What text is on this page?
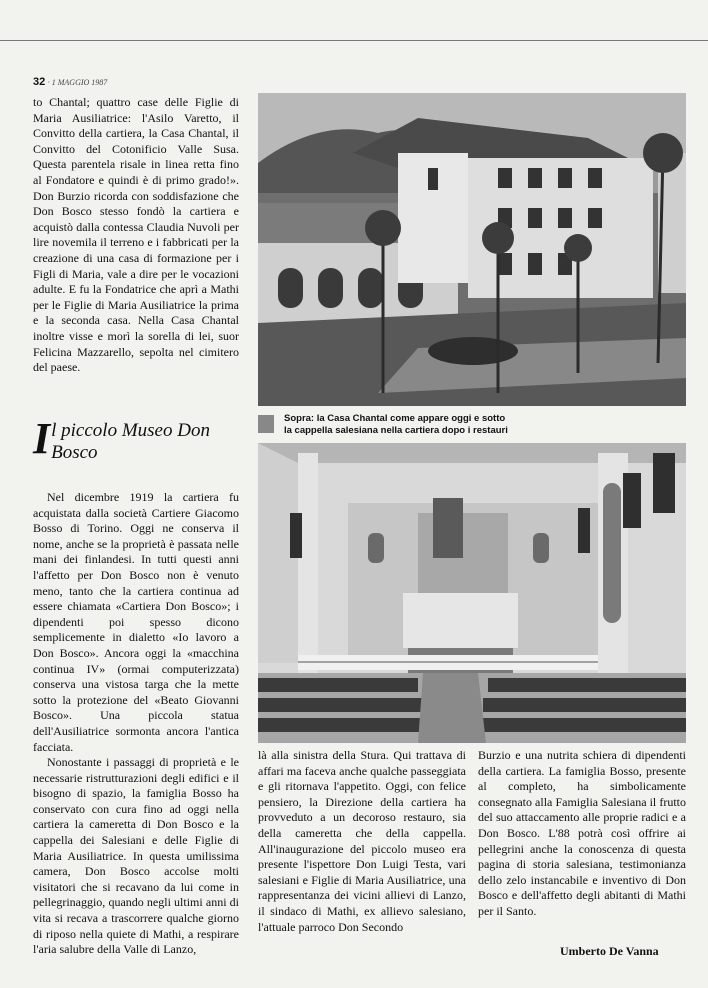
32 · 1 MAGGIO 1987

to Chantal; quattro case delle Figlie di Maria Ausiliatrice: l'Asilo Varetto, il Convitto della cartiera, la Casa Chantal, il Convitto del Cotonificio Valle Susa. Questa parentela risale in linea retta fino al Fondatore e quindi è di primo grado!». Don Burzio ricorda con soddisfazione che Don Bosco stesso fondò la cartiera e acquistò dalla contessa Claudia Nuvoli per lire novemila il terreno e i fabbricati per la creazione di una casa di formazione per i Figli di Maria, vale a dire per le vocazioni adulte. E fu la Fondatrice che aprì a Mathi per le Figlie di Maria Ausiliatrice la prima e la seconda casa. Nella Casa Chantal inoltre visse e morì la sorella di lei, suor Felicina Mazzarello, sepolta nel cimitero del paese.

Il piccolo Museo Don Bosco

Nel dicembre 1919 la cartiera fu acquistata dalla società Cartiere Giacomo Bosso di Torino. Oggi ne conserva il nome, anche se la proprietà è passata nelle mani dei finlandesi. In tutti questi anni l'affetto per Don Bosco non è venuto meno, tanto che la cartiera continua ad essere chiamata «Cartiera Don Bosco»; i dipendenti poi spesso dicono semplicemente in dialetto «Io lavoro a Don Bosco». Ancora oggi la «macchina continua IV» (ormai computerizzata) conserva una vistosa targa che la mette sotto la protezione del «Beato Giovanni Bosco». Una piccola statua dell'Ausiliatrice sormonta ancora l'antica facciata.

Nonostante i passaggi di proprietà e le necessarie ristrutturazioni degli edifici e il bisogno di spazio, la famiglia Bosso ha conservato con cura fino ad oggi nella cartiera la cameretta di Don Bosco e la cappella dei Salesiani e delle Figlie di Maria Ausiliatrice. In questa umilissima camera, Don Bosco accolse molti visitatori che si recavano da lui come in pellegrinaggio, quando negli ultimi anni di vita si recava a trascorrere qualche giorno di riposo nella quiete di Mathi, a respirare l'aria salubre della Valle di Lanzo,

Sopra: la Casa Chantal come appare oggi e sotto
la cappella salesiana nella cartiera dopo i restauri

là alla sinistra della Stura. Qui trattava di affari ma faceva anche qualche passeggiata e gli ritornava l'appetito. Oggi, con felice pensiero, la Direzione della cartiera ha provveduto a un decoroso restauro, sia della cameretta che della cappella. All'inaugurazione del piccolo museo era presente l'ispettore Don Luigi Testa, vari salesiani e Figlie di Maria Ausiliatrice, una rappresentanza dei vicini allievi di Lanzo, il sindaco di Mathi, ex allievo salesiano, l'attuale parroco Don Secondo

Burzio e una nutrita schiera di dipendenti della cartiera. La famiglia Bosso, presente al completo, ha simbolicamente consegnato alla Famiglia Salesiana il frutto del suo attaccamento alle proprie radici e a Don Bosco. L'88 potrà così offrire ai pellegrini anche la conoscenza di questa pagina di storia salesiana, testimonianza dello zelo instancabile e inventivo di Don Bosco e dell'affetto degli abitanti di Mathi per il Santo.

Umberto De Vanna
